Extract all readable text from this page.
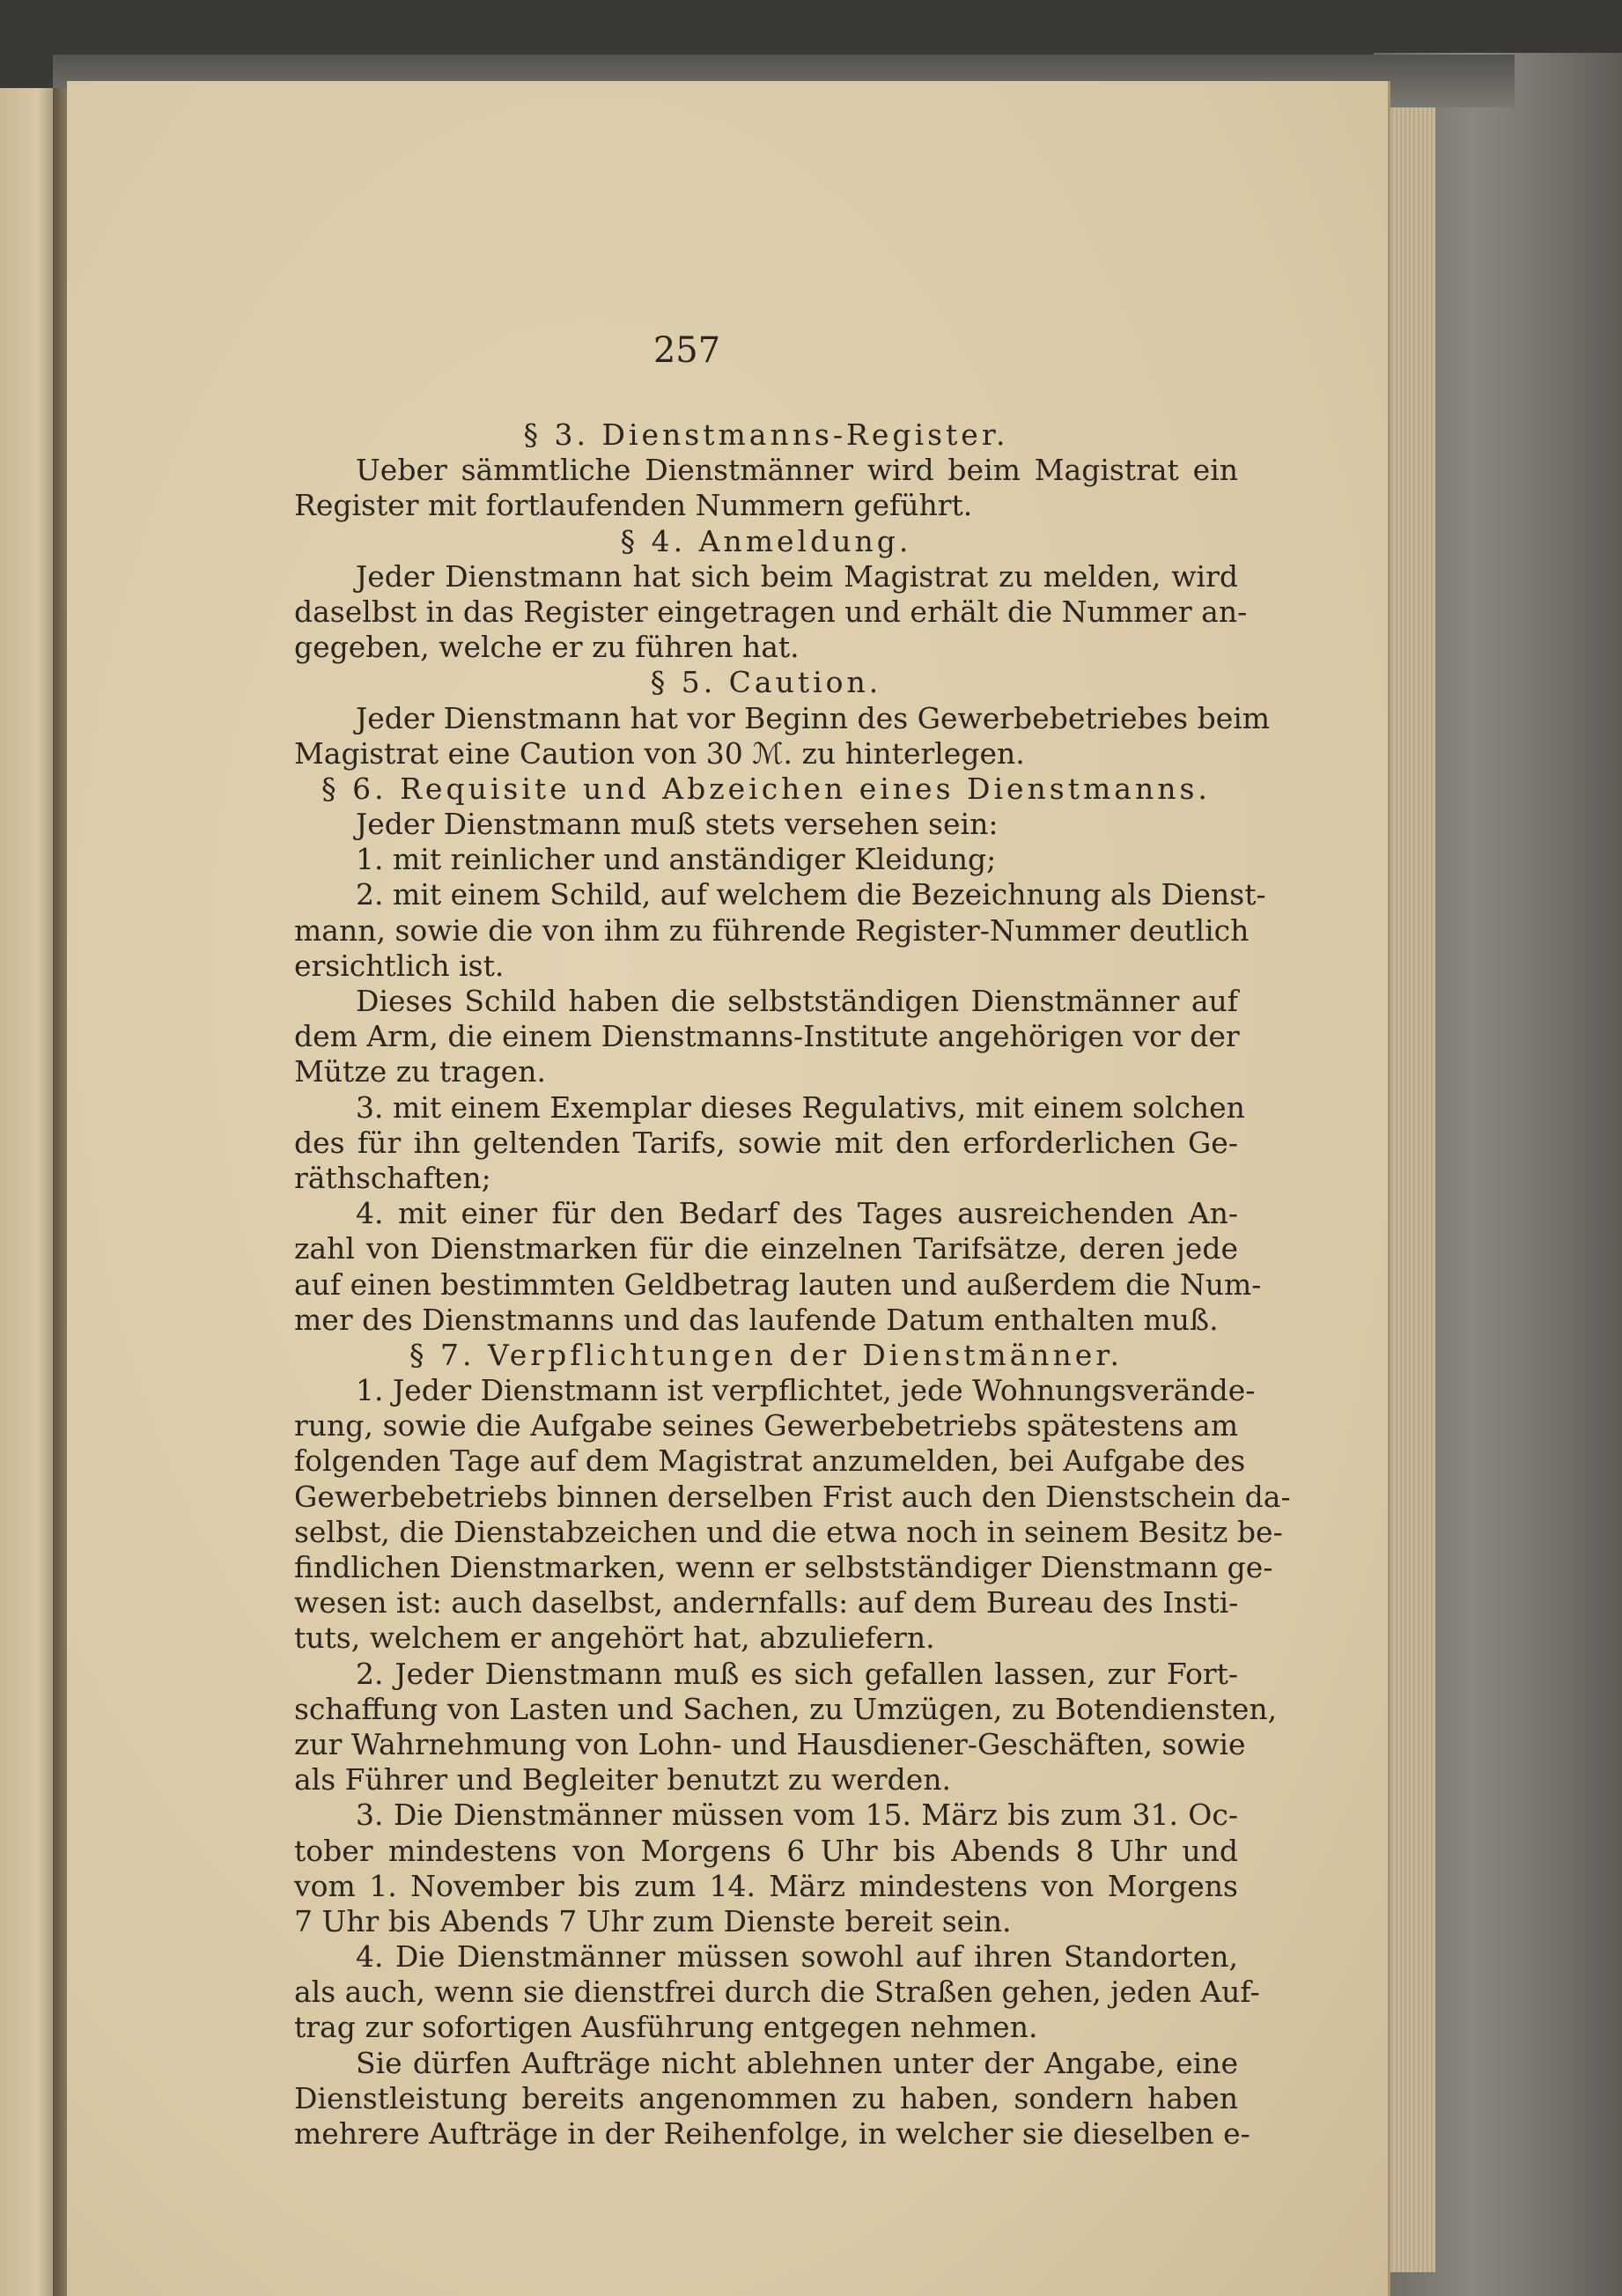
257
§ 3. Dienstmanns-Register.
Ueber sämmtliche Dienstmänner wird beim Magistrat ein
Register mit fortlaufenden Nummern geführt.
§ 4. Anmeldung.
Jeder Dienstmann hat sich beim Magistrat zu melden, wird
daselbst in das Register eingetragen und erhält die Nummer an-
gegeben, welche er zu führen hat.
§ 5. Caution.
Jeder Dienstmann hat vor Beginn des Gewerbebetriebes beim
Magistrat eine Caution von 30 ℳ. zu hinterlegen.
§ 6. Requisite und Abzeichen eines Dienstmanns.
Jeder Dienstmann muß stets versehen sein:
1. mit reinlicher und anständiger Kleidung;
2. mit einem Schild, auf welchem die Bezeichnung als Dienst-
mann, sowie die von ihm zu führende Register-Nummer deutlich
ersichtlich ist.
Dieses Schild haben die selbstständigen Dienstmänner auf
dem Arm, die einem Dienstmanns-Institute angehörigen vor der
Mütze zu tragen.
3. mit einem Exemplar dieses Regulativs, mit einem solchen
des für ihn geltenden Tarifs, sowie mit den erforderlichen Ge-
räthschaften;
4. mit einer für den Bedarf des Tages ausreichenden An-
zahl von Dienstmarken für die einzelnen Tarifsätze, deren jede
auf einen bestimmten Geldbetrag lauten und außerdem die Num-
mer des Dienstmanns und das laufende Datum enthalten muß.
§ 7. Verpflichtungen der Dienstmänner.
1. Jeder Dienstmann ist verpflichtet, jede Wohnungsverände-
rung, sowie die Aufgabe seines Gewerbebetriebs spätestens am
folgenden Tage auf dem Magistrat anzumelden, bei Aufgabe des
Gewerbebetriebs binnen derselben Frist auch den Dienstschein da-
selbst, die Dienstabzeichen und die etwa noch in seinem Besitz be-
findlichen Dienstmarken, wenn er selbstständiger Dienstmann ge-
wesen ist: auch daselbst, andernfalls: auf dem Bureau des Insti-
tuts, welchem er angehört hat, abzuliefern.
2. Jeder Dienstmann muß es sich gefallen lassen, zur Fort-
schaffung von Lasten und Sachen, zu Umzügen, zu Botendiensten,
zur Wahrnehmung von Lohn- und Hausdiener-Geschäften, sowie
als Führer und Begleiter benutzt zu werden.
3. Die Dienstmänner müssen vom 15. März bis zum 31. Oc-
tober mindestens von Morgens 6 Uhr bis Abends 8 Uhr und
vom 1. November bis zum 14. März mindestens von Morgens
7 Uhr bis Abends 7 Uhr zum Dienste bereit sein.
4. Die Dienstmänner müssen sowohl auf ihren Standorten,
als auch, wenn sie dienstfrei durch die Straßen gehen, jeden Auf-
trag zur sofortigen Ausführung entgegen nehmen.
Sie dürfen Aufträge nicht ablehnen unter der Angabe, eine
Dienstleistung bereits angenommen zu haben, sondern haben
mehrere Aufträge in der Reihenfolge, in welcher sie dieselben e-
